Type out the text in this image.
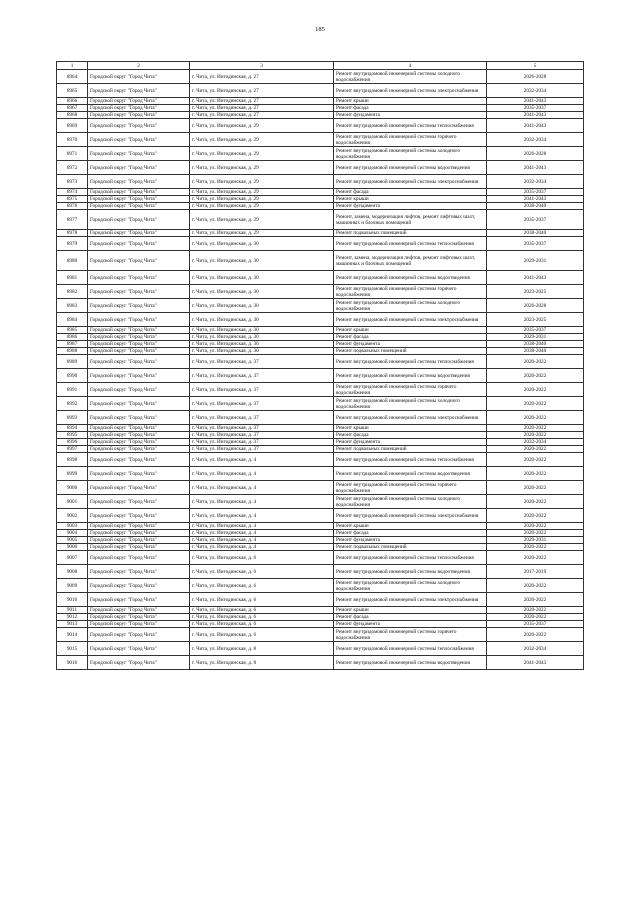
185
1	2	3	4	5
8964	Городской округ "Город Чита"	г. Чита, ул. Ингодинская, д. 27	Ремонт внутридомовой инженерной системы холодного водоснабжения	2026-2028
8965	Городской округ "Город Чита"	г. Чита, ул. Ингодинская, д. 27	Ремонт внутридомовой инженерной системы электроснабжения	2032-2034
8966	Городской округ "Город Чита"	г. Чита, ул. Ингодинская, д. 27	Ремонт крыши	2041-2043
8967	Городской округ "Город Чита"	г. Чита, ул. Ингодинская, д. 27	Ремонт фасада	2035-2037
8968	Городской округ "Город Чита"	г. Чита, ул. Ингодинская, д. 27	Ремонт фундамента	2041-2043
8969	Городской округ "Город Чита"	г. Чита, ул. Ингодинская, д. 29	Ремонт внутридомовой инженерной системы теплоснабжения	2041-2043
8970	Городской округ "Город Чита"	г. Чита, ул. Ингодинская, д. 29	Ремонт внутридомовой инженерной системы горячего водоснабжения	2032-2034
8971	Городской округ "Город Чита"	г. Чита, ул. Ингодинская, д. 29	Ремонт внутридомовой инженерной системы холодного водоснабжения	2026-2028
8972	Городской округ "Город Чита"	г. Чита, ул. Ингодинская, д. 29	Ремонт внутридомовой инженерной системы водоотведения	2041-2043
8973	Городской округ "Город Чита"	г. Чита, ул. Ингодинская, д. 29	Ремонт внутридомовой инженерной системы электроснабжения	2032-2034
8974	Городской округ "Город Чита"	г. Чита, ул. Ингодинская, д. 29	Ремонт фасада	2035-2037
8975	Городской округ "Город Чита"	г. Чита, ул. Ингодинская, д. 29	Ремонт крыши	2041-2043
8976	Городской округ "Город Чита"	г. Чита, ул. Ингодинская, д. 29	Ремонт фундамента	2038-2040
8977	Городской округ "Город Чита"	г. Чита, ул. Ингодинская, д. 29	Ремонт, замена, модернизация лифтов, ремонт лифтовых шахт, машинных и блочных помещений	2035-2037
8978	Городской округ "Город Чита"	г. Чита, ул. Ингодинская, д. 29	Ремонт подвальных помещений	2038-2040
8979	Городской округ "Город Чита"	г. Чита, ул. Ингодинская, д. 30	Ремонт внутридомовой инженерной системы теплоснабжения	2035-2037
8980	Городской округ "Город Чита"	г. Чита, ул. Ингодинская, д. 30	Ремонт, замена, модернизация лифтов, ремонт лифтовых шахт, машинных и блочных помещений	2029-2031
8981	Городской округ "Город Чита"	г. Чита, ул. Ингодинская, д. 30	Ремонт внутридомовой инженерной системы водоотведения	2041-2043
8982	Городской округ "Город Чита"	г. Чита, ул. Ингодинская, д. 30	Ремонт внутридомовой инженерной системы горячего водоснабжения	2023-2025
8983	Городской округ "Город Чита"	г. Чита, ул. Ингодинская, д. 30	Ремонт внутридомовой инженерной системы холодного водоснабжения	2026-2028
8984	Городской округ "Город Чита"	г. Чита, ул. Ингодинская, д. 30	Ремонт внутридомовой инженерной системы электроснабжения	2023-2025
8985	Городской округ "Город Чита"	г. Чита, ул. Ингодинская, д. 30	Ремонт крыши	2035-2037
8986	Городской округ "Город Чита"	г. Чита, ул. Ингодинская, д. 30	Ремонт фасада	2029-2031
8987	Городской округ "Город Чита"	г. Чита, ул. Ингодинская, д. 30	Ремонт фундамента	2038-2040
8988	Городской округ "Город Чита"	г. Чита, ул. Ингодинская, д. 30	Ремонт подвальных помещений	2038-2040
8989	Городской округ "Город Чита"	г. Чита, ул. Ингодинская, д. 37	Ремонт внутридомовой инженерной системы теплоснабжения	2020-2022
8990	Городской округ "Город Чита"	г. Чита, ул. Ингодинская, д. 37	Ремонт внутридомовой инженерной системы водоотведения	2020-2022
8991	Городской округ "Город Чита"	г. Чита, ул. Ингодинская, д. 37	Ремонт внутридомовой инженерной системы горячего водоснабжения	2020-2022
8992	Городской округ "Город Чита"	г. Чита, ул. Ингодинская, д. 37	Ремонт внутридомовой инженерной системы холодного водоснабжения	2020-2022
8993	Городской округ "Город Чита"	г. Чита, ул. Ингодинская, д. 37	Ремонт внутридомовой инженерной системы электроснабжения	2020-2022
8994	Городской округ "Город Чита"	г. Чита, ул. Ингодинская, д. 37	Ремонт крыши	2020-2022
8995	Городской округ "Город Чита"	г. Чита, ул. Ингодинская, д. 37	Ремонт фасада	2020-2022
8996	Городской округ "Город Чита"	г. Чита, ул. Ингодинская, д. 37	Ремонт фундамента	2032-2034
8997	Городской округ "Город Чита"	г. Чита, ул. Ингодинская, д. 37	Ремонт подвальных помещений	2020-2022
8998	Городской округ "Город Чита"	г. Чита, ул. Ингодинская, д. 4	Ремонт внутридомовой инженерной системы теплоснабжения	2020-2022
8999	Городской округ "Город Чита"	г. Чита, ул. Ингодинская, д. 4	Ремонт внутридомовой инженерной системы водоотведения	2020-2022
9000	Городской округ "Город Чита"	г. Чита, ул. Ингодинская, д. 4	Ремонт внутридомовой инженерной системы горячего водоснабжения	2020-2022
9001	Городской округ "Город Чита"	г. Чита, ул. Ингодинская, д. 4	Ремонт внутридомовой инженерной системы холодного водоснабжения	2020-2022
9002	Городской округ "Город Чита"	г. Чита, ул. Ингодинская, д. 4	Ремонт внутридомовой инженерной системы электроснабжения	2020-2022
9003	Городской округ "Город Чита"	г. Чита, ул. Ингодинская, д. 4	Ремонт крыши	2020-2022
9004	Городской округ "Город Чита"	г. Чита, ул. Ингодинская, д. 4	Ремонт фасада	2020-2022
9005	Городской округ "Город Чита"	г. Чита, ул. Ингодинская, д. 4	Ремонт фундамента	2029-2031
9006	Городской округ "Город Чита"	г. Чита, ул. Ингодинская, д. 4	Ремонт подвальных помещений	2020-2022
9007	Городской округ "Город Чита"	г. Чита, ул. Ингодинская, д. 6	Ремонт внутридомовой инженерной системы теплоснабжения	2020-2022
9008	Городской округ "Город Чита"	г. Чита, ул. Ингодинская, д. 6	Ремонт внутридомовой инженерной системы водоотведения	2017-2019
9009	Городской округ "Город Чита"	г. Чита, ул. Ингодинская, д. 6	Ремонт внутридомовой инженерной системы холодного водоснабжения	2020-2022
9010	Городской округ "Город Чита"	г. Чита, ул. Ингодинская, д. 6	Ремонт внутридомовой инженерной системы электроснабжения	2020-2022
9011	Городской округ "Город Чита"	г. Чита, ул. Ингодинская, д. 6	Ремонт крыши	2020-2022
9012	Городской округ "Город Чита"	г. Чита, ул. Ингодинская, д. 6	Ремонт фасада	2020-2022
9013	Городской округ "Город Чита"	г. Чита, ул. Ингодинская, д. 6	Ремонт фундамента	2035-2037
9014	Городской округ "Город Чита"	г. Чита, ул. Ингодинская, д. 6	Ремонт внутридомовой инженерной системы горячего водоснабжения	2020-2022
9015	Городской округ "Город Чита"	г. Чита, ул. Ингодинская, д. 8	Ремонт внутридомовой инженерной системы теплоснабжения	2032-2034
9016	Городской округ "Город Чита"	г. Чита, ул. Ингодинская, д. 8	Ремонт внутридомовой инженерной системы водоотведения	2041-2043
